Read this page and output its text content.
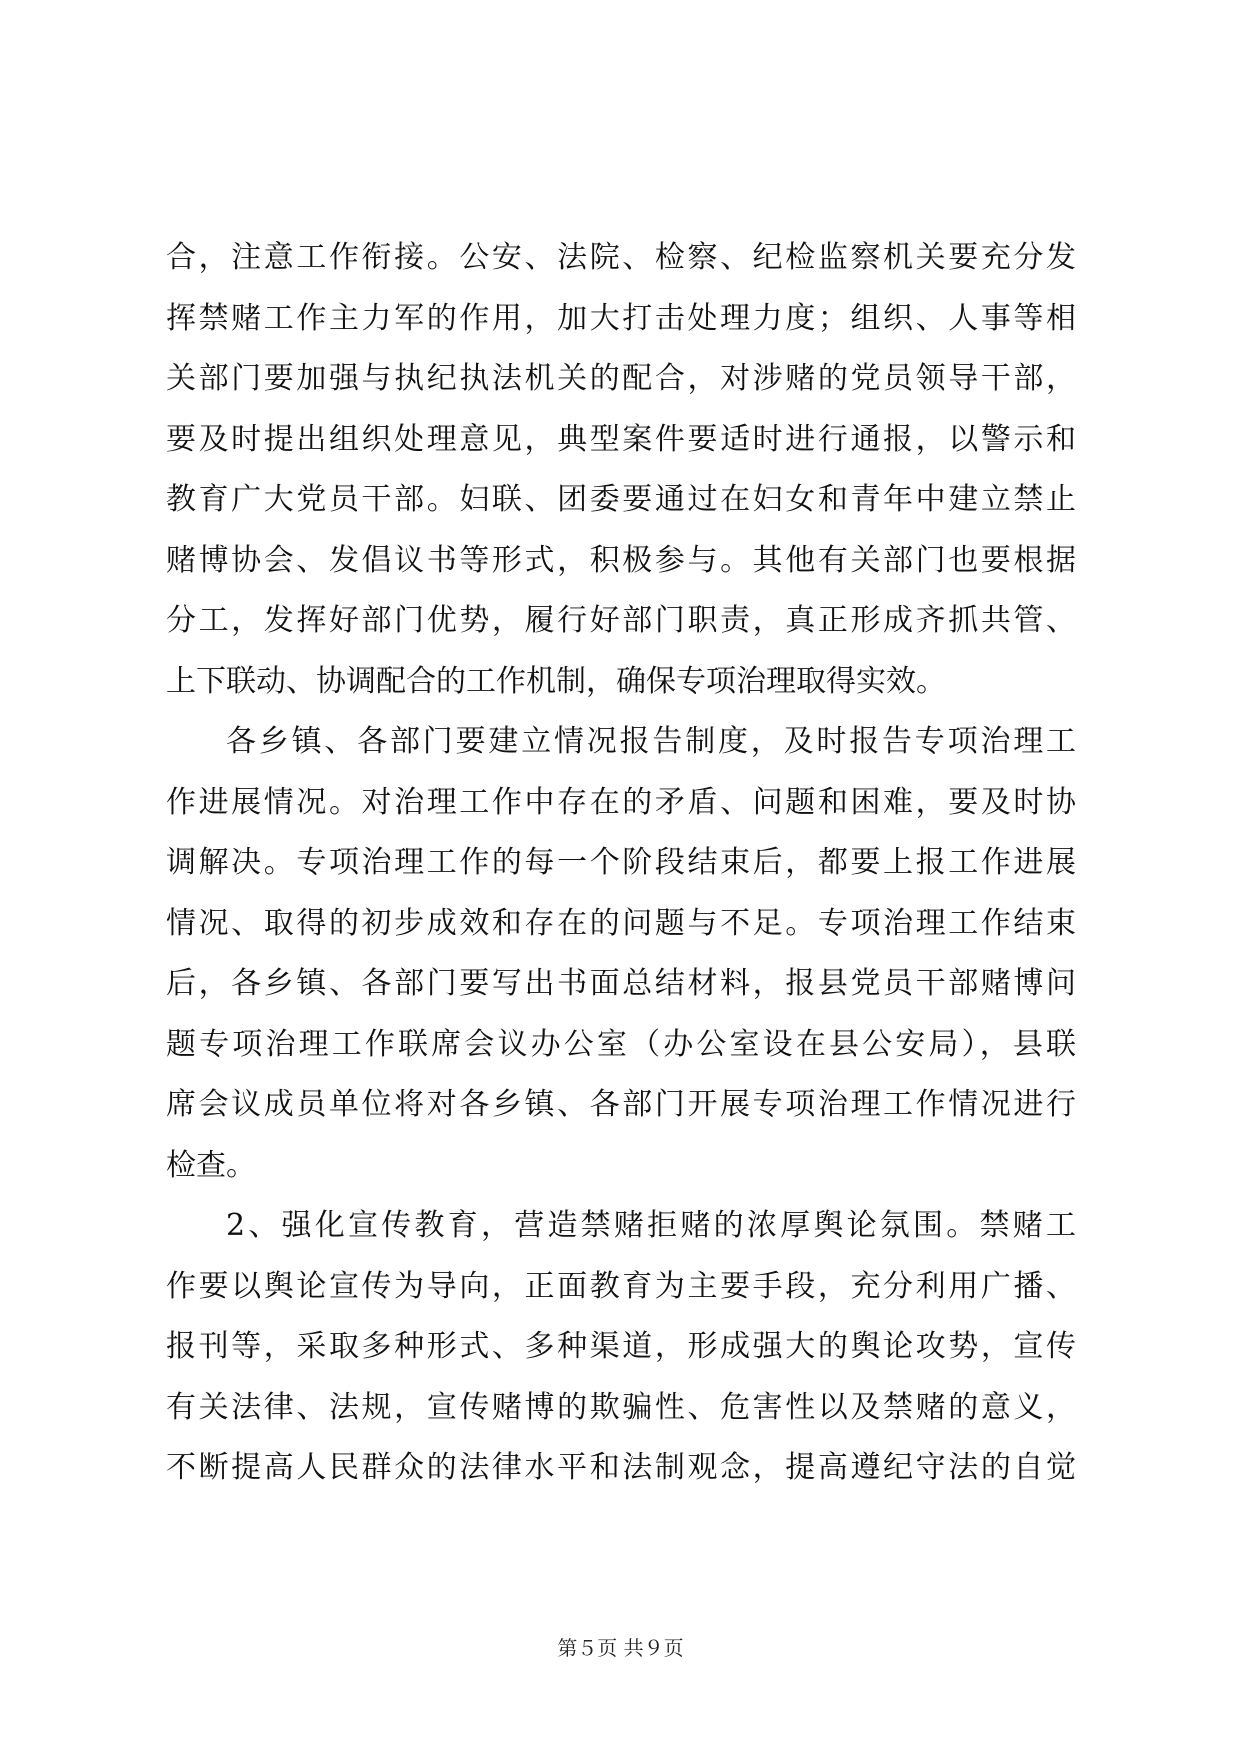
合，注意工作衔接。公安、法院、检察、纪检监察机关要充分发
挥禁赌工作主力军的作用，加大打击处理力度；组织、人事等相
关部门要加强与执纪执法机关的配合，对涉赌的党员领导干部，
要及时提出组织处理意见，典型案件要适时进行通报，以警示和
教育广大党员干部。妇联、团委要通过在妇女和青年中建立禁止
赌博协会、发倡议书等形式，积极参与。其他有关部门也要根据
分工，发挥好部门优势，履行好部门职责，真正形成齐抓共管、
上下联动、协调配合的工作机制，确保专项治理取得实效。
各乡镇、各部门要建立情况报告制度，及时报告专项治理工
作进展情况。对治理工作中存在的矛盾、问题和困难，要及时协
调解决。专项治理工作的每一个阶段结束后，都要上报工作进展
情况、取得的初步成效和存在的问题与不足。专项治理工作结束
后，各乡镇、各部门要写出书面总结材料，报县党员干部赌博问
题专项治理工作联席会议办公室（办公室设在县公安局），县联
席会议成员单位将对各乡镇、各部门开展专项治理工作情况进行
检查。
2、强化宣传教育，营造禁赌拒赌的浓厚舆论氛围。禁赌工
作要以舆论宣传为导向，正面教育为主要手段，充分利用广播、
报刊等，采取多种形式、多种渠道，形成强大的舆论攻势，宣传
有关法律、法规，宣传赌博的欺骗性、危害性以及禁赌的意义，
不断提高人民群众的法律水平和法制观念，提高遵纪守法的自觉
第５页 共９页
